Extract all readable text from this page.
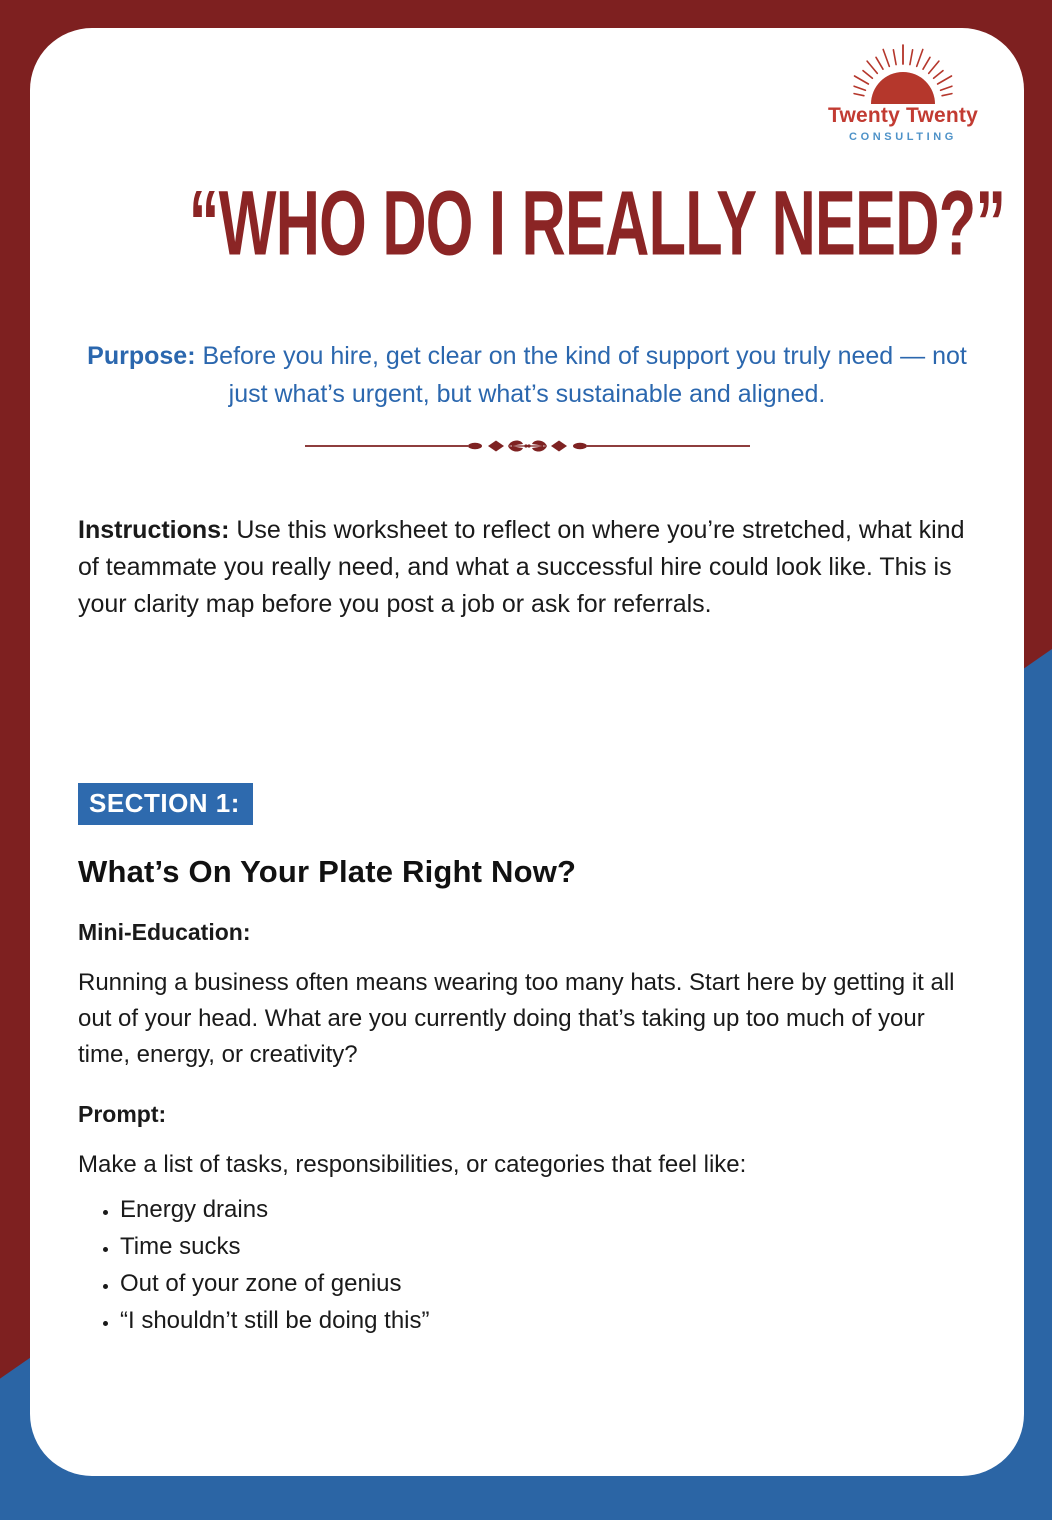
Twenty Twenty
CONSULTING
“WHO DO I REALLY NEED?”

Purpose: Before you hire, get clear on the kind of support you truly need — not just what’s urgent, but what’s sustainable and aligned.

Instructions: Use this worksheet to reflect on where you’re stretched, what kind of teammate you really need, and what a successful hire could look like. This is your clarity map before you post a job or ask for referrals.

SECTION 1:
What’s On Your Plate Right Now?
Mini-Education:

Running a business often means wearing too many hats. Start here by getting it all out of your head. What are you currently doing that’s taking up too much of your time, energy, or creativity?

Prompt:

Make a list of tasks, responsibilities, or categories that feel like:

• Energy drains
• Time sucks
• Out of your zone of genius
• “I shouldn’t still be doing this”
